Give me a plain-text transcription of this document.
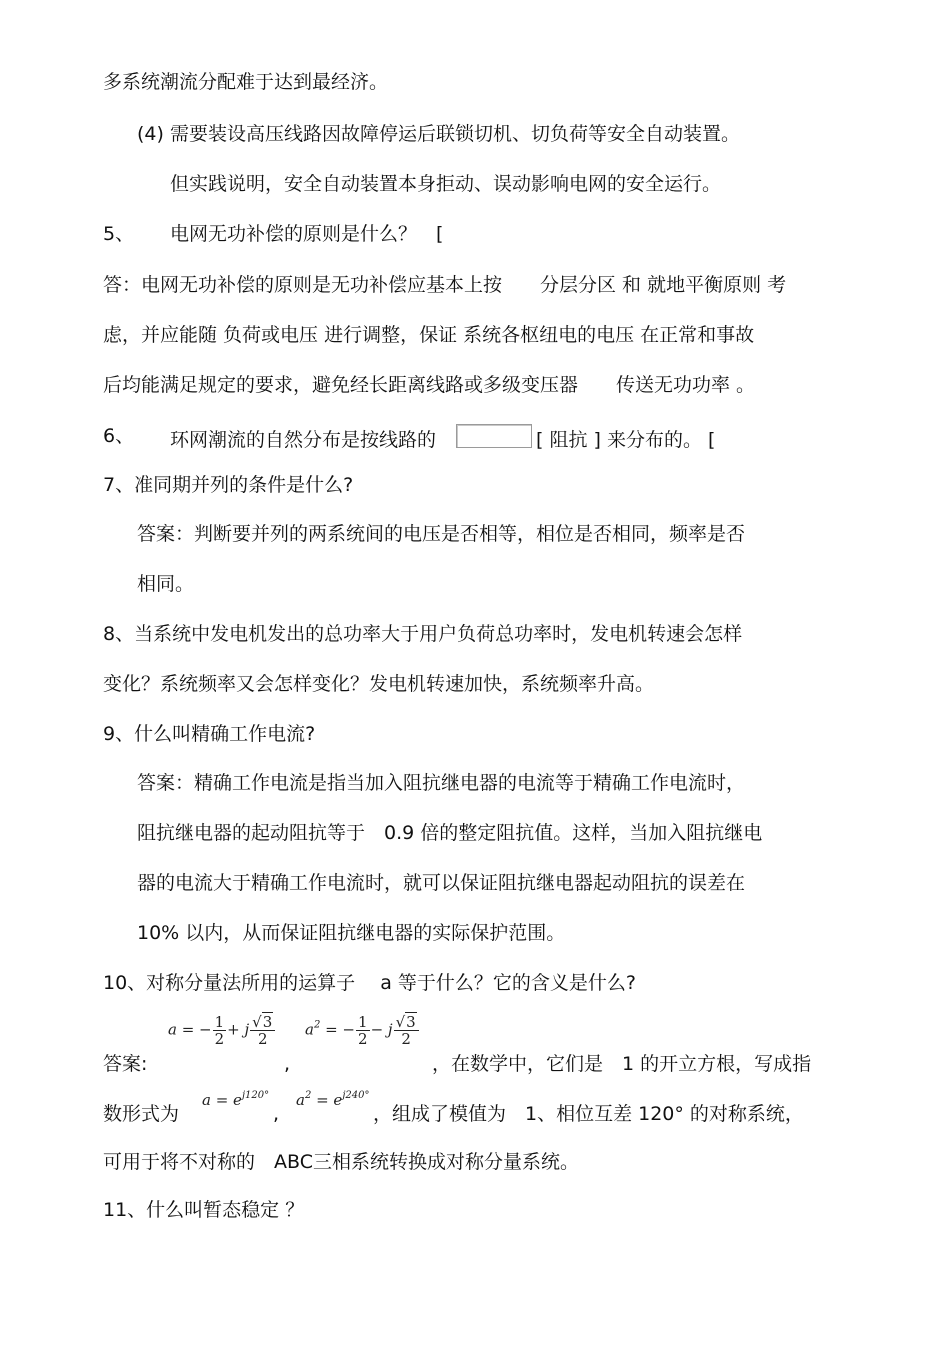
多系统潮流分配难于达到最经济。
(4) 需要装设高压线路因故障停运后联锁切机、切负荷等安全自动装置。
但实践说明，安全自动装置本身拒动、误动影响电网的安全运行。
5、 电网无功补偿的原则是什么？　[
答：电网无功补偿的原则是无功补偿应基本上按　　分层分区 和 就地平衡原则 考
虑，并应能随 负荷或电压 进行调整，保证 系统各枢纽电的电压 在正常和事故
后均能满足规定的要求，避免经长距离线路或多级变压器　　传送无功功率 。
6、 环网潮流的自然分布是按线路的	[ 阻抗 ] 来分布的。 [
7、准同期并列的条件是什么?
答案：判断要并列的两系统间的电压是否相等，相位是否相同，频率是否
相同。
8、当系统中发电机发出的总功率大于用户负荷总功率时，发电机转速会怎样
变化？系统频率又会怎样变化？发电机转速加快，系统频率升高。
9、什么叫精确工作电流?
答案：精确工作电流是指当加入阻抗继电器的电流等于精确工作电流时，
阻抗继电器的起动阻抗等于　0.9 倍的整定阻抗值。这样，当加入阻抗继电
器的电流大于精确工作电流时，就可以保证阻抗继电器起动阻抗的误差在
10% 以内，从而保证阻抗继电器的实际保护范围。
10、对称分量法所用的运算子　 a 等于什么？它的含义是什么?
答案:
a = − $\frac{1}{2} + j \frac{√3}{2}$
,
$a^2$ = − $\frac{1}{2} - j \frac{√3}{2}$
，在数学中，它们是　1 的开立方根，写成指
数形式为
$a = e^{j120^\circ}$
,
$a^2 = e^{j240^\circ}$
，组成了模值为　1、相位互差 120° 的对称系统，
可用于将不对称的　ABC三相系统转换成对称分量系统。
11、什么叫暂态稳定 ？
